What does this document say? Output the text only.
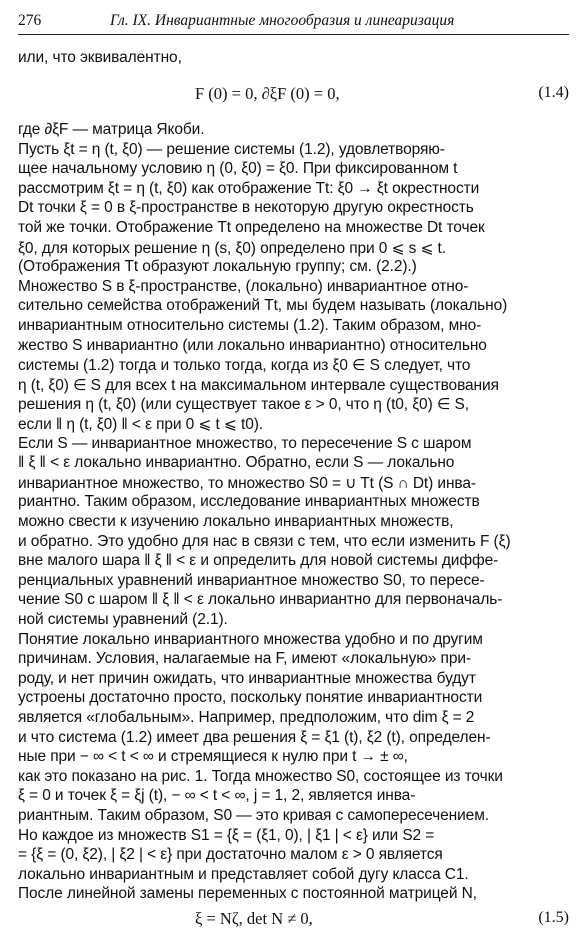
276	Гл. IX. Инвариантные многообразия и линеаризация
или, что эквивалентно,
F (0) = 0, ∂ξF (0) = 0,	(1.4)
где ∂ξF — матрица Якоби.
Пусть ξt = η (t, ξ0) — решение системы (1.2), удовлетворяю-
щее начальному условию η (0, ξ0) = ξ0. При фиксированном t
рассмотрим ξt = η (t, ξ0) как отображение Tt: ξ0 → ξt окрестности
Dt точки ξ = 0 в ξ-пространстве в некоторую другую окрестность
той же точки. Отображение Tt определено на множестве Dt точек
ξ0, для которых решение η (s, ξ0) определено при 0 ⩽ s ⩽ t.
(Отображения Tt образуют локальную группу; см. (2.2).)
Множество S в ξ-пространстве, (локально) инвариантное отно-
сительно семейства отображений Tt, мы будем называть (локально)
инвариантным относительно системы (1.2). Таким образом, мно-
жество S инвариантно (или локально инвариантно) относительно
системы (1.2) тогда и только тогда, когда из ξ0 ∈ S следует, что
η (t, ξ0) ∈ S для всех t на максимальном интервале существования
решения η (t, ξ0) (или существует такое ε > 0, что η (t0, ξ0) ∈ S,
если ‖ η (t, ξ0) ‖ < ε при 0 ⩽ t ⩽ t0).
Если S — инвариантное множество, то пересечение S с шаром
‖ ξ ‖ < ε локально инвариантно. Обратно, если S — локально
инвариантное множество, то множество S0 = ∪ Tt (S ∩ Dt) инва-
риантно. Таким образом, исследование инвариантных множеств
можно свести к изучению локально инвариантных множеств,
и обратно. Это удобно для нас в связи с тем, что если изменить F (ξ)
вне малого шара ‖ ξ ‖ < ε и определить для новой системы диффе-
ренциальных уравнений инвариантное множество S0, то пересе-
чение S0 с шаром ‖ ξ ‖ < ε локально инвариантно для первоначаль-
ной системы уравнений (2.1).
Понятие локально инвариантного множества удобно и по другим
причинам. Условия, налагаемые на F, имеют «локальную» при-
роду, и нет причин ожидать, что инвариантные множества будут
устроены достаточно просто, поскольку понятие инвариантности
является «глобальным». Например, предположим, что dim ξ = 2
и что система (1.2) имеет два решения ξ = ξ1 (t), ξ2 (t), определен-
ные при − ∞ < t < ∞ и стремящиеся к нулю при t → ± ∞,
как это показано на рис. 1. Тогда множество S0, состоящее из точки
ξ = 0 и точек ξ = ξj (t), − ∞ < t < ∞, j = 1, 2, является инва-
риантным. Таким образом, S0 — это кривая с самопересечением.
Но каждое из множеств S1 = {ξ = (ξ1, 0), | ξ1 | < ε} или S2 =
= {ξ = (0, ξ2), | ξ2 | < ε} при достаточно малом ε > 0 является
локально инвариантным и представляет собой дугу класса C1.
После линейной замены переменных с постоянной матрицей N,
ξ = Nζ, det N ≠ 0,	(1.5)
